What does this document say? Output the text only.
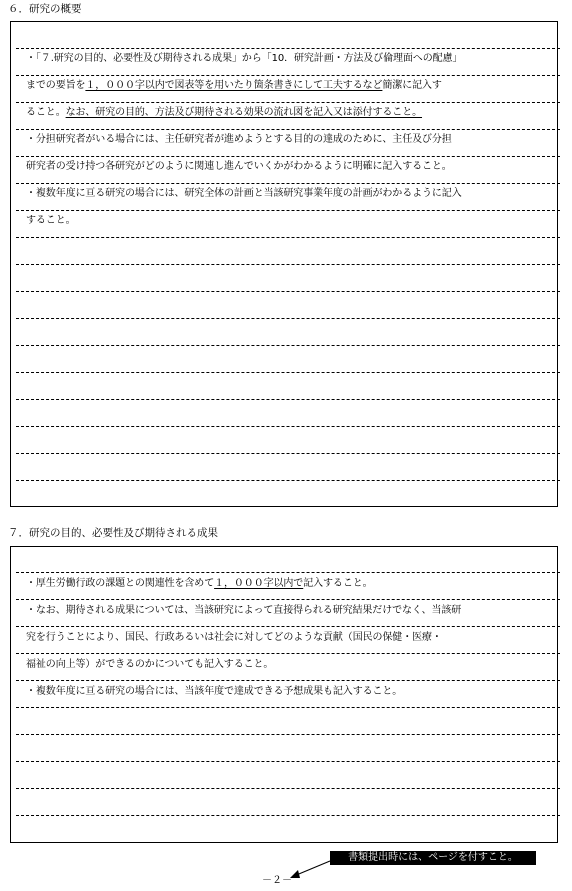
６．研究の概要
・「７.研究の目的、必要性及び期待される成果」から「10．研究計画・方法及び倫理面への配慮」
までの要旨を１，０００字以内で図表等を用いたり箇条書きにして工夫するなど簡潔に記入す
ること。なお、研究の目的、方法及び期待される効果の流れ図を記入又は添付すること。
・分担研究者がいる場合には、主任研究者が進めようとする目的の達成のために、主任及び分担
研究者の受け持つ各研究がどのように関連し進んでいくかがわかるように明確に記入すること。
・複数年度に亘る研究の場合には、研究全体の計画と当該研究事業年度の計画がわかるように記入
すること。
７．研究の目的、必要性及び期待される成果
・厚生労働行政の課題との関連性を含めて１，０００字以内で記入すること。
・なお、期待される成果については、当該研究によって直接得られる研究結果だけでなく、当該研
究を行うことにより、国民、行政あるいは社会に対してどのような貢献（国民の保健・医療・
福祉の向上等）ができるのかについても記入すること。
・複数年度に亘る研究の場合には、当該年度で達成できる予想成果も記入すること。
書類提出時には、ページを付すこと。
－２－
